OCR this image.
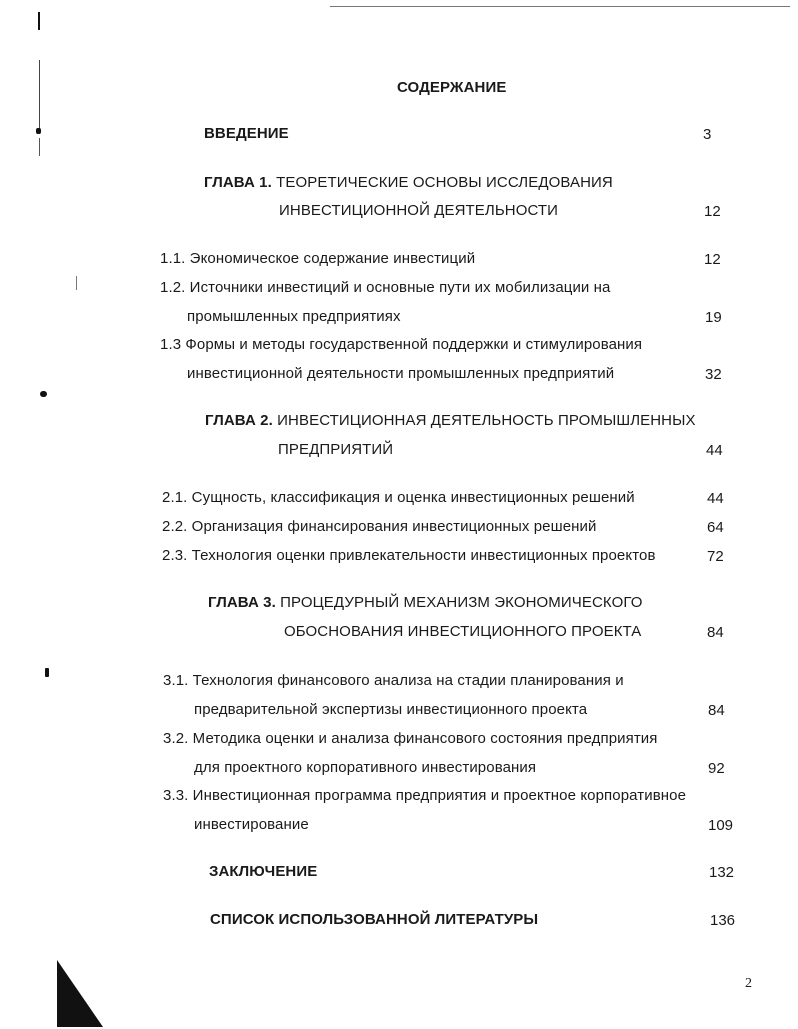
СОДЕРЖАНИЕ
ВВЕДЕНИЕ	3
ГЛАВА 1. ТЕОРЕТИЧЕСКИЕ ОСНОВЫ ИССЛЕДОВАНИЯ
ИНВЕСТИЦИОННОЙ ДЕЯТЕЛЬНОСТИ	12
1.1. Экономическое содержание инвестиций	12
1.2. Источники инвестиций и основные пути их мобилизации на
промышленных предприятиях	19
1.3 Формы и методы государственной поддержки и стимулирования
инвестиционной деятельности промышленных предприятий	32
ГЛАВА 2. ИНВЕСТИЦИОННАЯ ДЕЯТЕЛЬНОСТЬ ПРОМЫШЛЕННЫХ
ПРЕДПРИЯТИЙ	44
2.1. Сущность, классификация и оценка инвестиционных решений	44
2.2. Организация финансирования инвестиционных решений	64
2.3. Технология оценки привлекательности инвестиционных проектов	72
ГЛАВА 3. ПРОЦЕДУРНЫЙ МЕХАНИЗМ ЭКОНОМИЧЕСКОГО
ОБОСНОВАНИЯ ИНВЕСТИЦИОННОГО ПРОЕКТА	84
3.1. Технология финансового анализа на стадии планирования и
предварительной экспертизы инвестиционного проекта	84
3.2. Методика оценки и анализа финансового состояния предприятия
для проектного корпоративного инвестирования	92
3.3. Инвестиционная программа предприятия и проектное корпоративное
инвестирование	109
ЗАКЛЮЧЕНИЕ	132
СПИСОК ИСПОЛЬЗОВАННОЙ ЛИТЕРАТУРЫ	136
2
